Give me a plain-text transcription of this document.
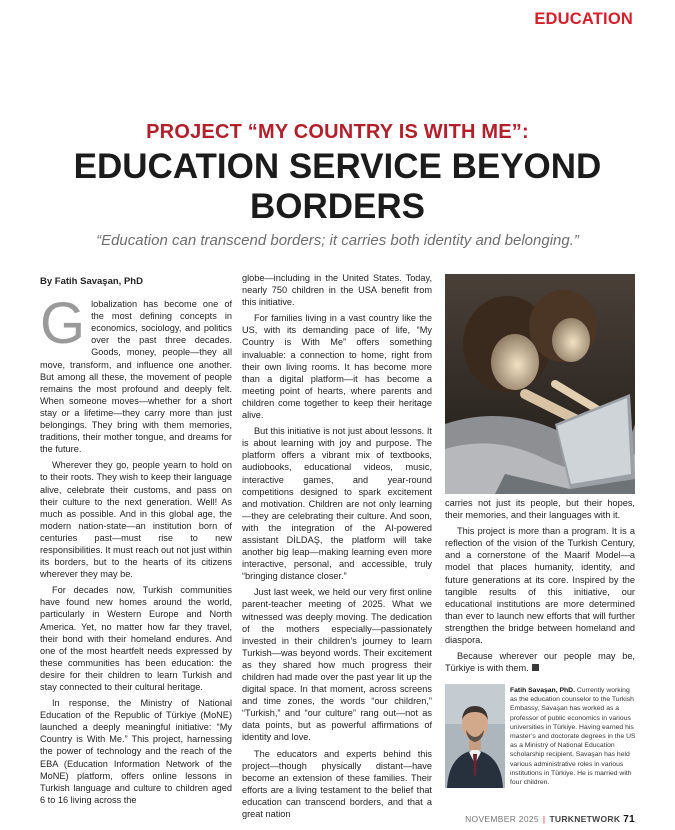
EDUCATION
PROJECT “MY COUNTRY IS WITH ME”:
EDUCATION SERVICE BEYOND
BORDERS
“Education can transcend borders; it carries both identity and belonging.”
By Fatih Savaşan, PhD

Globalization has become one of the most defining concepts in economics, sociology, and politics over the past three decades. Goods, money, people—they all move, transform, and influence one another. But among all these, the movement of people remains the most profound and deeply felt. When someone moves—whether for a short stay or a lifetime—they carry more than just belongings. They bring with them memories, traditions, their mother tongue, and dreams for the future.

Wherever they go, people yearn to hold on to their roots. They wish to keep their language alive, celebrate their customs, and pass on their culture to the next generation. Well! As much as possible. And in this global age, the modern nation-state—an institution born of centuries past—must rise to new responsibilities. It must reach out not just within its borders, but to the hearts of its citizens wherever they may be.

For decades now, Turkish communities have found new homes around the world, particularly in Western Europe and North America. Yet, no matter how far they travel, their bond with their homeland endures. And one of the most heartfelt needs expressed by these communities has been education: the desire for their children to learn Turkish and stay connected to their cultural heritage.

In response, the Ministry of National Education of the Republic of Türkiye (MoNE) launched a deeply meaningful initiative: “My Country is With Me.” This project, harnessing the power of technology and the reach of the EBA (Education Information Network of the MoNE) platform, offers online lessons in Turkish language and culture to children aged 6 to 16 living across the

globe—including in the United States. Today, nearly 750 children in the USA benefit from this initiative.

For families living in a vast country like the US, with its demanding pace of life, “My Country is With Me” offers something invaluable: a connection to home, right from their own living rooms. It has become more than a digital platform—it has become a meeting point of hearts, where parents and children come together to keep their heritage alive.

But this initiative is not just about lessons. It is about learning with joy and purpose. The platform offers a vibrant mix of textbooks, audiobooks, educational videos, music, interactive games, and year-round competitions designed to spark excitement and motivation. Children are not only learning—they are celebrating their culture. And soon, with the integration of the AI-powered assistant DİLDAŞ, the platform will take another big leap—making learning even more interactive, personal, and accessible, truly “bringing distance closer.”

Just last week, we held our very first online parent-teacher meeting of 2025. What we witnessed was deeply moving. The dedication of the mothers especially—passionately invested in their children’s journey to learn Turkish—was beyond words. Their excitement as they shared how much progress their children had made over the past year lit up the digital space. In that moment, across screens and time zones, the words “our children,” “Turkish,” and “our culture” rang out—not as data points, but as powerful affirmations of identity and love.

The educators and experts behind this project—though physically distant—have become an extension of these families. Their efforts are a living testament to the belief that education can transcend borders, and that a great nation

carries not just its people, but their hopes, their memories, and their languages with it.

This project is more than a program. It is a reflection of the vision of the Turkish Century, and a cornerstone of the Maarif Model—a model that places humanity, identity, and future generations at its core. Inspired by the tangible results of this initiative, our educational institutions are more determined than ever to launch new efforts that will further strengthen the bridge between homeland and diaspora.

Because wherever our people may be, Türkiye is with them.

Fatih Savaşan, PhD. Currently working as the education counselor to the Turkish Embassy, Savaşan has worked as a professor of public economics in various universities in Türkiye. Having earned his master’s and doctorate degrees in the US as a Ministry of National Education scholarship recipient, Savaşan has held various administrative roles in various institutions in Türkiye. He is married with four children.
NOVEMBER 2025 | TURKNETWORK 71
